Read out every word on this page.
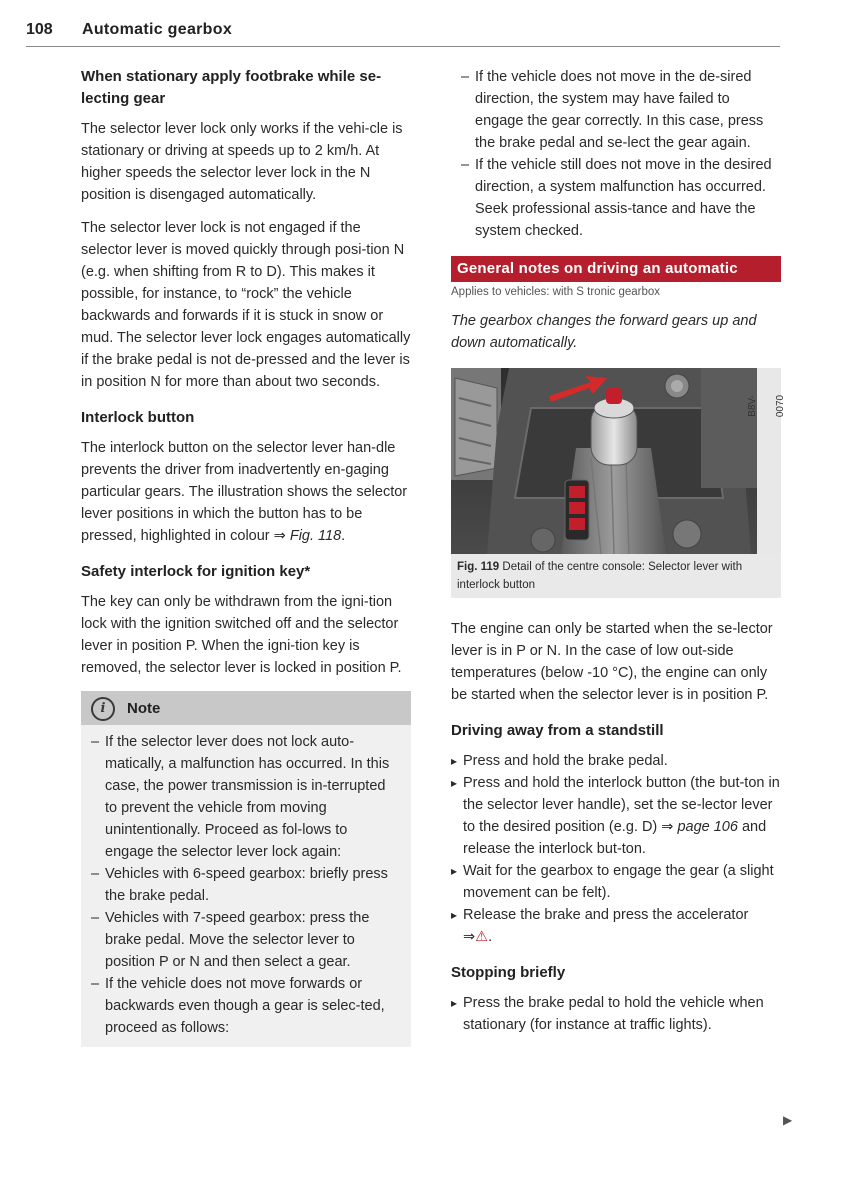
108 Automatic gearbox
When stationary apply footbrake while se-lecting gear

The selector lever lock only works if the vehi-cle is stationary or driving at speeds up to 2 km/h. At higher speeds the selector lever lock in the N position is disengaged automatically.

The selector lever lock is not engaged if the selector lever is moved quickly through posi-tion N (e.g. when shifting from R to D). This makes it possible, for instance, to “rock” the vehicle backwards and forwards if it is stuck in snow or mud. The selector lever lock engages automatically if the brake pedal is not de-pressed and the lever is in position N for more than about two seconds.

Interlock button

The interlock button on the selector lever han-dle prevents the driver from inadvertently en-gaging particular gears. The illustration shows the selector lever positions in which the button has to be pressed, highlighted in colour ⇒ Fig. 118.

Safety interlock for ignition key*

The key can only be withdrawn from the igni-tion lock with the ignition switched off and the selector lever in position P. When the igni-tion key is removed, the selector lever is locked in position P.

i	Note

– If the selector lever does not lock auto-matically, a malfunction has occurred. In this case, the power transmission is in-terrupted to prevent the vehicle from moving unintentionally. Proceed as fol-lows to engage the selector lever lock again:

– Vehicles with 6-speed gearbox: briefly press the brake pedal.

– Vehicles with 7-speed gearbox: press the brake pedal. Move the selector lever to position P or N and then select a gear.

– If the vehicle does not move forwards or backwards even though a gear is selec-ted, proceed as follows:

– If the vehicle does not move in the de-sired direction, the system may have failed to engage the gear correctly. In this case, press the brake pedal and se-lect the gear again.

– If the vehicle still does not move in the desired direction, a system malfunction has occurred. Seek professional assis-tance and have the system checked.

General notes on driving an automatic
Applies to vehicles: with S tronic gearbox

The gearbox changes the forward gears up and down automatically.

B8V-0070
Fig. 119 Detail of the centre console: Selector lever with interlock button

The engine can only be started when the se-lector lever is in P or N. In the case of low out-side temperatures (below -10 °C), the engine can only be started when the selector lever is in position P.

Driving away from a standstill

▸ Press and hold the brake pedal.

▸ Press and hold the interlock button (the but-ton in the selector lever handle), set the se-lector lever to the desired position (e.g. D) ⇒ page 106 and release the interlock but-ton.

▸ Wait for the gearbox to engage the gear (a slight movement can be felt).

▸ Release the brake and press the accelerator ⇒⚠.

Stopping briefly

▸ Press the brake pedal to hold the vehicle when stationary (for instance at traffic lights).

▶
